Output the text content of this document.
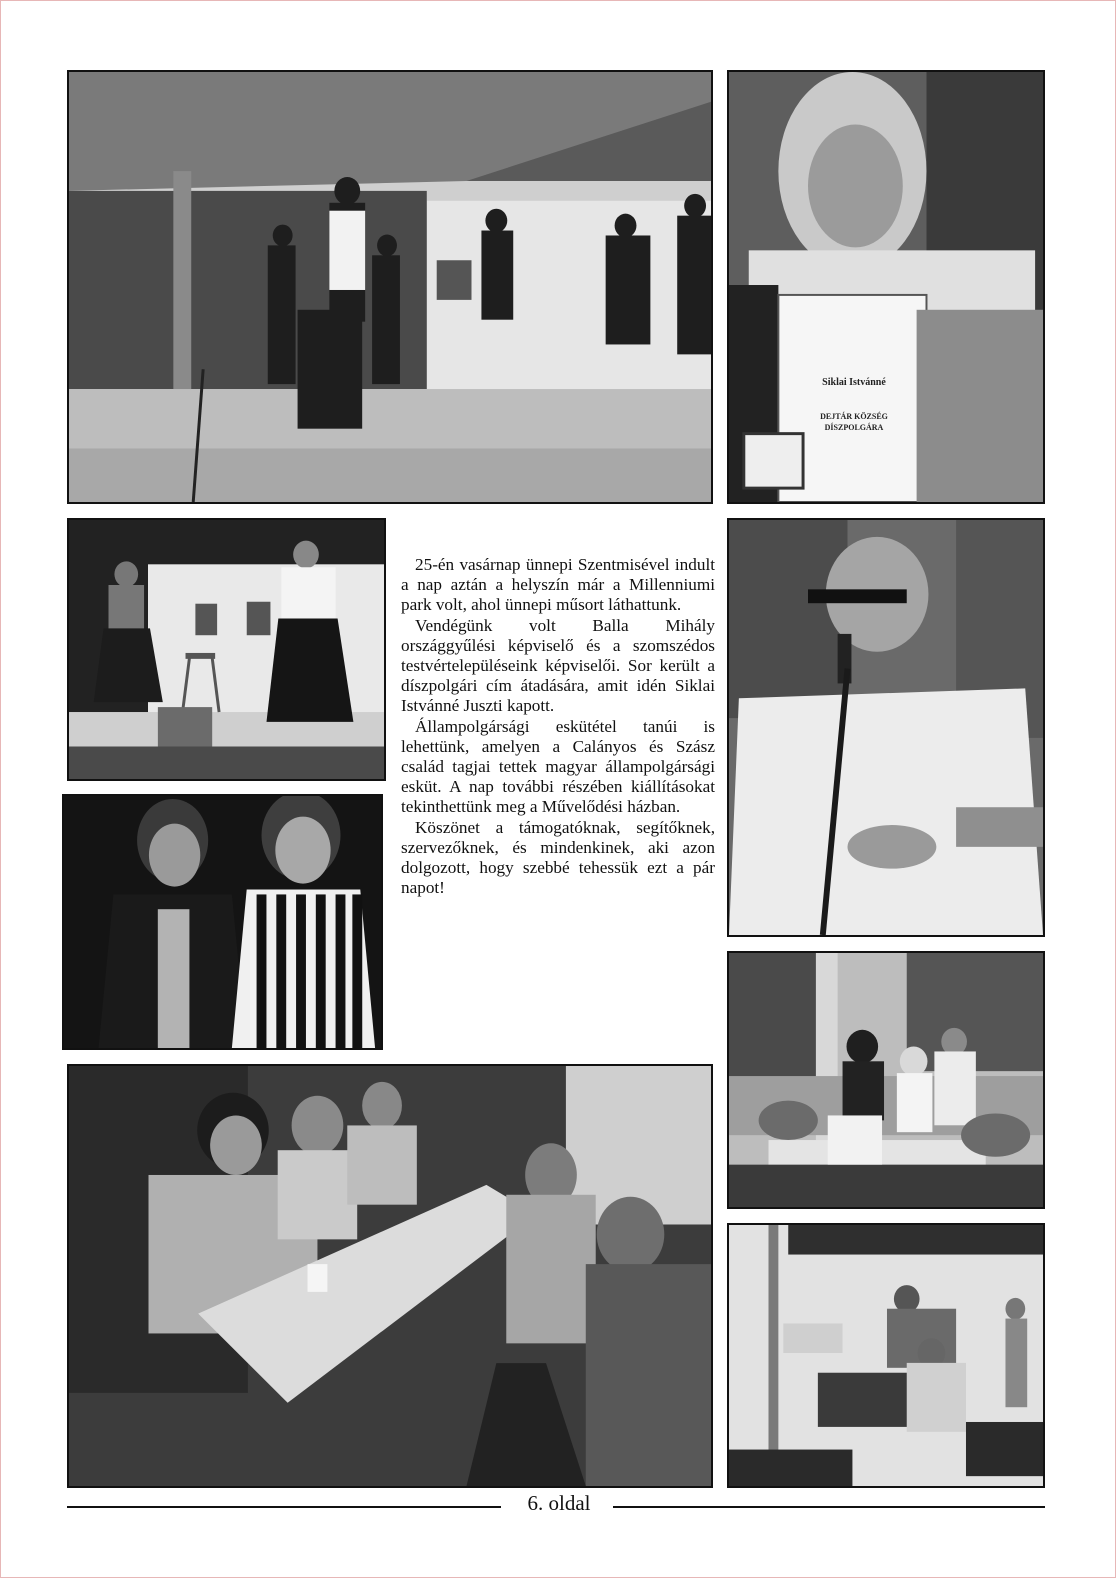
Siklai Istvánné
DEJTÁR KÖZSÉG
DÍSZPOLGÁRA

25-én vasárnap ünnepi Szentmisével indult a nap aztán a helyszín már a Millenniumi park volt, ahol ünnepi műsort láthattunk.

Vendégünk volt Balla Mihály országgyűlési képviselő és a szomszédos testvértelepüléseink képviselői. Sor került a díszpolgári cím átadására, amit idén Siklai Istvánné Juszti kapott.

Állampolgársági eskütétel tanúi is lehettünk, amelyen a Calányos és Szász család tagjai tettek magyar állampolgársági esküt. A nap további részében kiállításokat tekinthettünk meg a Művelődési házban.

Köszönet a támogatóknak, segítőknek, szervezőknek, és mindenkinek, aki azon dolgozott, hogy szebbé tehessük ezt a pár napot!

6. oldal
